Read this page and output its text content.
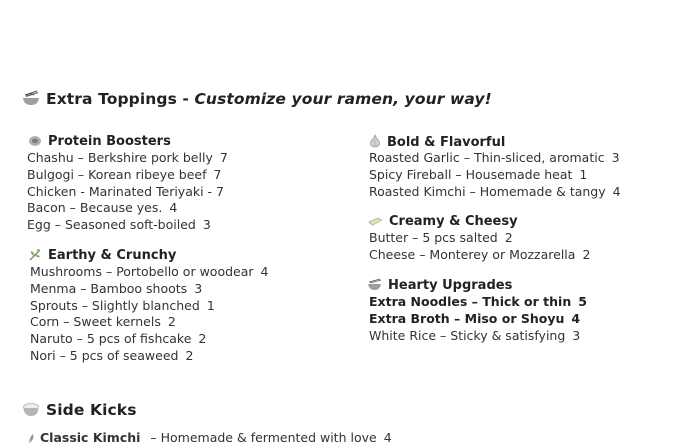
Extra Toppings - Customize your ramen, your way!
Protein Boosters
Chashu – Berkshire pork belly 7
Bulgogi – Korean ribeye beef 7
Chicken - Marinated Teriyaki - 7
Bacon – Because yes. 4
Egg – Seasoned soft-boiled 3
Earthy & Crunchy
Mushrooms – Portobello or woodear 4
Menma – Bamboo shoots 3
Sprouts – Slightly blanched 1
Corn – Sweet kernels 2
Naruto – 5 pcs of fishcake 2
Nori – 5 pcs of seaweed 2
Bold & Flavorful
Roasted Garlic – Thin-sliced, aromatic 3
Spicy Fireball – Housemade heat 1
Roasted Kimchi – Homemade & tangy 4
Creamy & Cheesy
Butter – 5 pcs salted 2
Cheese – Monterey or Mozzarella 2
Hearty Upgrades
Extra Noodles – Thick or thin 5
Extra Broth – Miso or Shoyu 4
White Rice – Sticky & satisfying 3
Side Kicks
Classic Kimchi – Homemade & fermented with love 4
